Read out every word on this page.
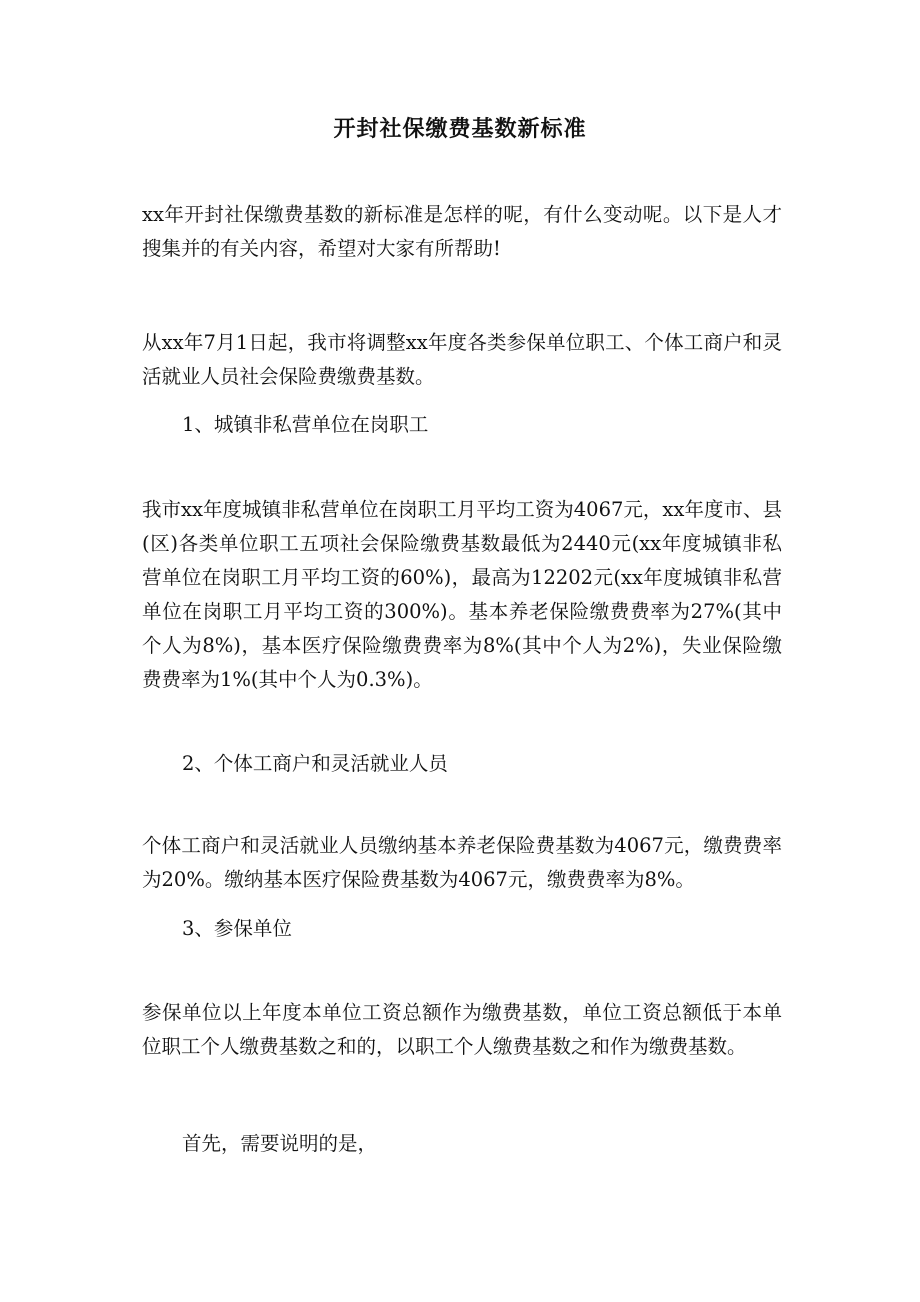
开封社保缴费基数新标准

xx年开封社保缴费基数的新标准是怎样的呢，有什么变动呢。以下是人才搜集并的有关内容，希望对大家有所帮助!

从xx年7月1日起，我市将调整xx年度各类参保单位职工、个体工商户和灵活就业人员社会保险费缴费基数。

1、城镇非私营单位在岗职工

我市xx年度城镇非私营单位在岗职工月平均工资为4067元，xx年度市、县(区)各类单位职工五项社会保险缴费基数最低为2440元(xx年度城镇非私营单位在岗职工月平均工资的60%)，最高为12202元(xx年度城镇非私营单位在岗职工月平均工资的300%)。基本养老保险缴费费率为27%(其中个人为8%)，基本医疗保险缴费费率为8%(其中个人为2%)，失业保险缴费费率为1%(其中个人为0.3%)。

2、个体工商户和灵活就业人员

个体工商户和灵活就业人员缴纳基本养老保险费基数为4067元，缴费费率为20%。缴纳基本医疗保险费基数为4067元，缴费费率为8%。

3、参保单位

参保单位以上年度本单位工资总额作为缴费基数，单位工资总额低于本单位职工个人缴费基数之和的，以职工个人缴费基数之和作为缴费基数。

首先，需要说明的是，
